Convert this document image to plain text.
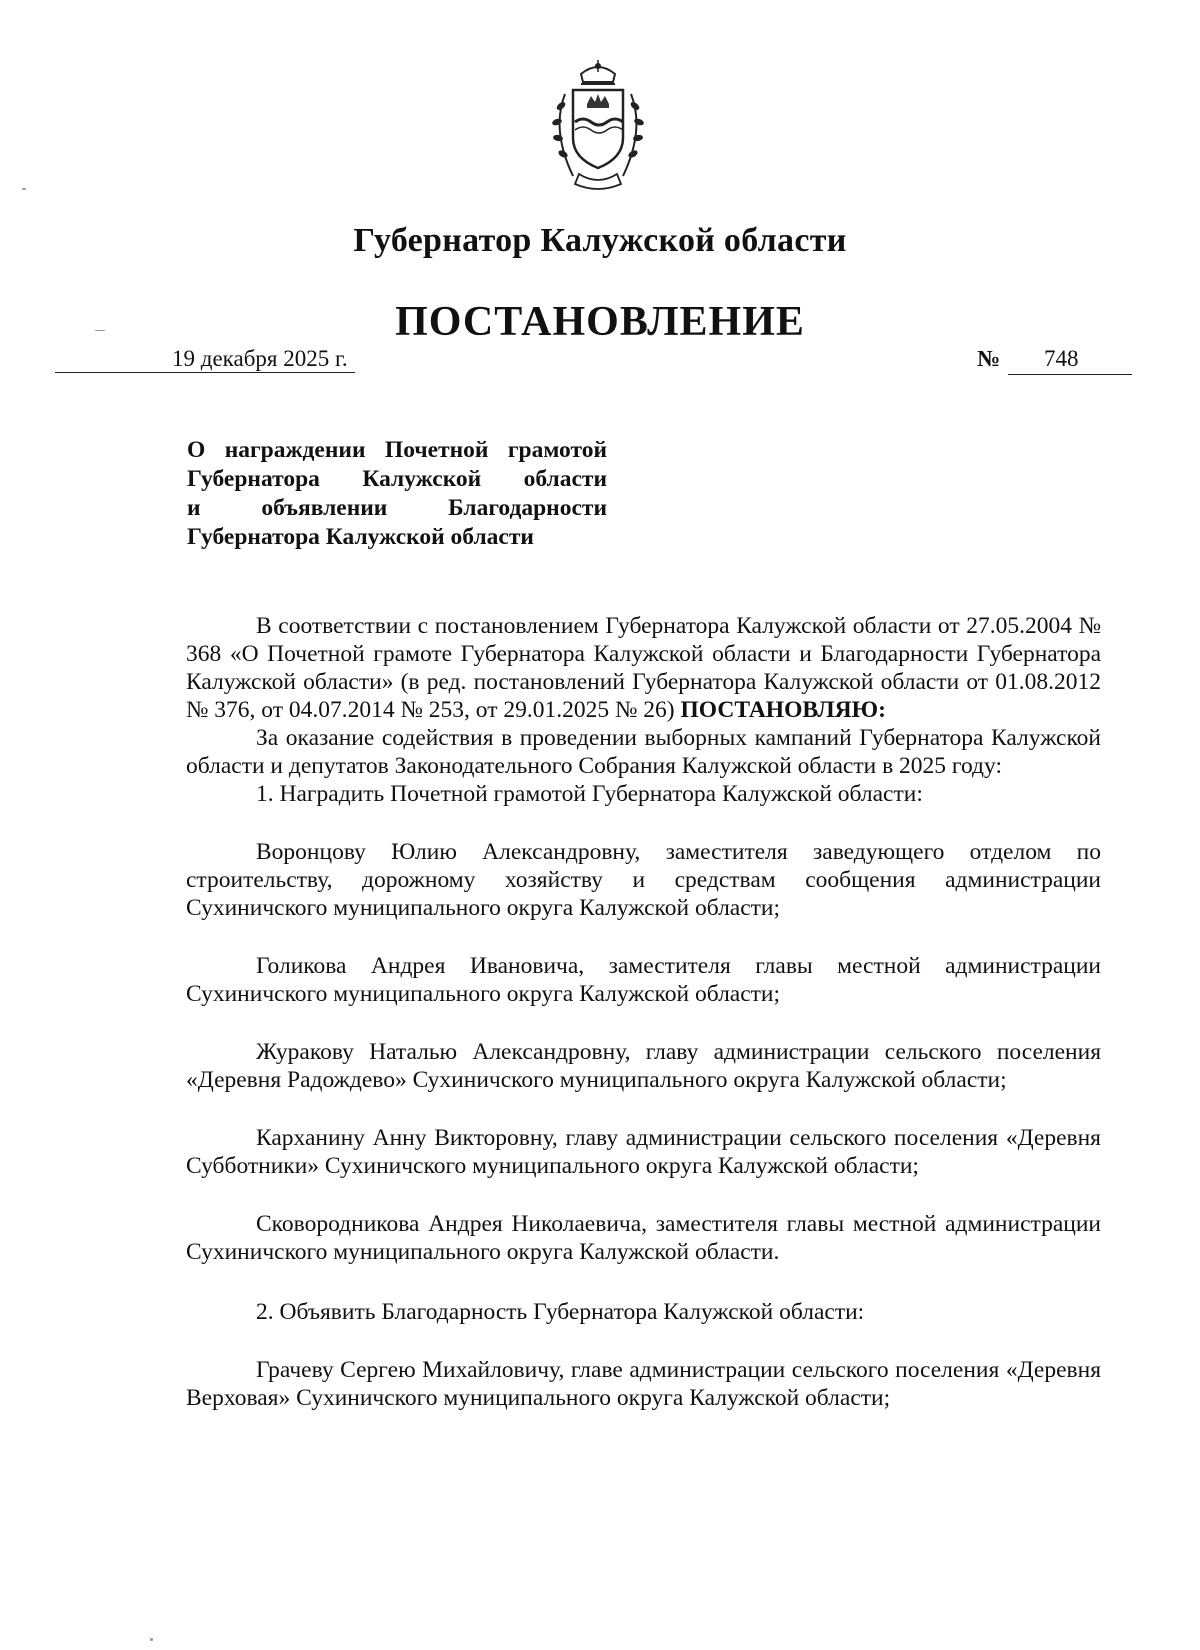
Губернатор Калужской области
ПОСТАНОВЛЕНИЕ
19 декабря 2025 г.	№ 748
О награждении Почетной грамотой
Губернатора Калужской области
и объявлении Благодарности
Губернатора Калужской области

В соответствии с постановлением Губернатора Калужской области от 27.05.2004 № 368 «О Почетной грамоте Губернатора Калужской области и Благодарности Губернатора Калужской области» (в ред. постановлений Губернатора Калужской области от 01.08.2012 № 376, от 04.07.2014 № 253, от 29.01.2025 № 26) ПОСТАНОВЛЯЮ:

За оказание содействия в проведении выборных кампаний Губернатора Калужской области и депутатов Законодательного Собрания Калужской области в 2025 году:

1. Наградить Почетной грамотой Губернатора Калужской области:

Воронцову Юлию Александровну, заместителя заведующего отделом по строительству, дорожному хозяйству и средствам сообщения администрации Сухиничского муниципального округа Калужской области;

Голикова Андрея Ивановича, заместителя главы местной администрации Сухиничского муниципального округа Калужской области;

Журакову Наталью Александровну, главу администрации сельского поселения «Деревня Радождево» Сухиничского муниципального округа Калужской области;

Карханину Анну Викторовну, главу администрации сельского поселения «Деревня Субботники» Сухиничского муниципального округа Калужской области;

Сковородникова Андрея Николаевича, заместителя главы местной администрации Сухиничского муниципального округа Калужской области.

2. Объявить Благодарность Губернатора Калужской области:

Грачеву Сергею Михайловичу, главе администрации сельского поселения «Деревня Верховая» Сухиничского муниципального округа Калужской области;
